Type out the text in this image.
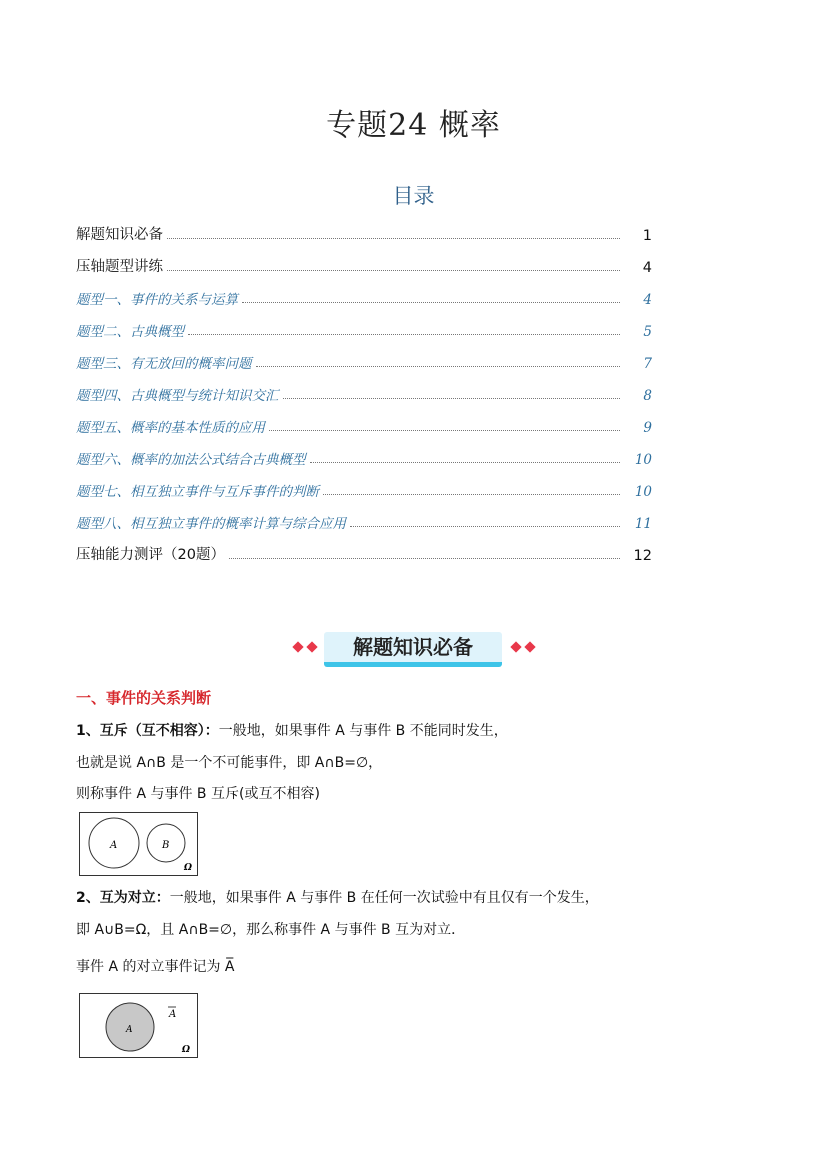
专题24 概率
目录
解题知识必备	1
压轴题型讲练	4
题型一、事件的关系与运算	4
题型二、古典概型	5
题型三、有无放回的概率问题	7
题型四、古典概型与统计知识交汇	8
题型五、概率的基本性质的应用	9
题型六、概率的加法公式结合古典概型	10
题型七、相互独立事件与互斥事件的判断	10
题型八、相互独立事件的概率计算与综合应用	11
压轴能力测评（20题）	12
解题知识必备
一、事件的关系判断
1、互斥（互不相容）：一般地，如果事件 A 与事件 B 不能同时发生，
也就是说 A∩B 是一个不可能事件，即 A∩B=∅，
则称事件 A 与事件 B 互斥(或互不相容)
A	B
Ω
2、互为对立：一般地，如果事件 A 与事件 B 在任何一次试验中有且仅有一个发生，
即 A∪B=Ω，且 A∩B=∅，那么称事件 A 与事件 B 互为对立．
事件 A 的对立事件记为 A̅
A
A
Ω
